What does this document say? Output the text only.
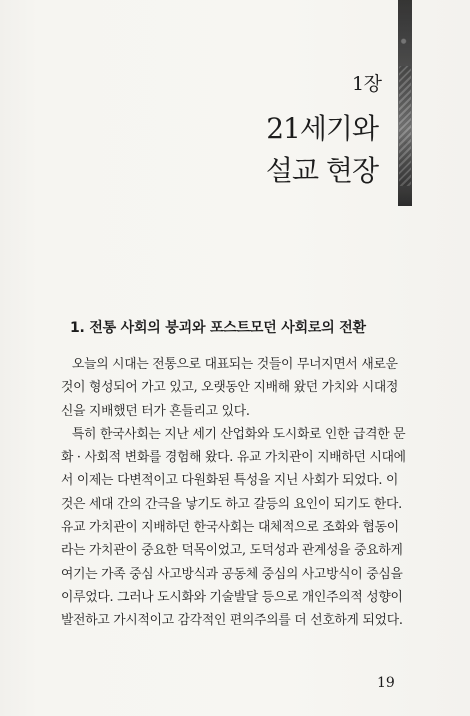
1장
21세기와
설교 현장
1. 전통 사회의 붕괴와 포스트모던 사회로의 전환

오늘의 시대는 전통으로 대표되는 것들이 무너지면서 새로운 것이 형성되어 가고 있고, 오랫동안 지배해 왔던 가치와 시대정신을 지배했던 터가 흔들리고 있다.

특히 한국사회는 지난 세기 산업화와 도시화로 인한 급격한 문화 · 사회적 변화를 경험해 왔다. 유교 가치관이 지배하던 시대에서 이제는 다변적이고 다원화된 특성을 지닌 사회가 되었다. 이것은 세대 간의 간극을 낳기도 하고 갈등의 요인이 되기도 한다. 유교 가치관이 지배하던 한국사회는 대체적으로 조화와 협동이라는 가치관이 중요한 덕목이었고, 도덕성과 관계성을 중요하게 여기는 가족 중심 사고방식과 공동체 중심의 사고방식이 중심을 이루었다. 그러나 도시화와 기술발달 등으로 개인주의적 성향이 발전하고 가시적이고 감각적인 편의주의를 더 선호하게 되었다.

19
